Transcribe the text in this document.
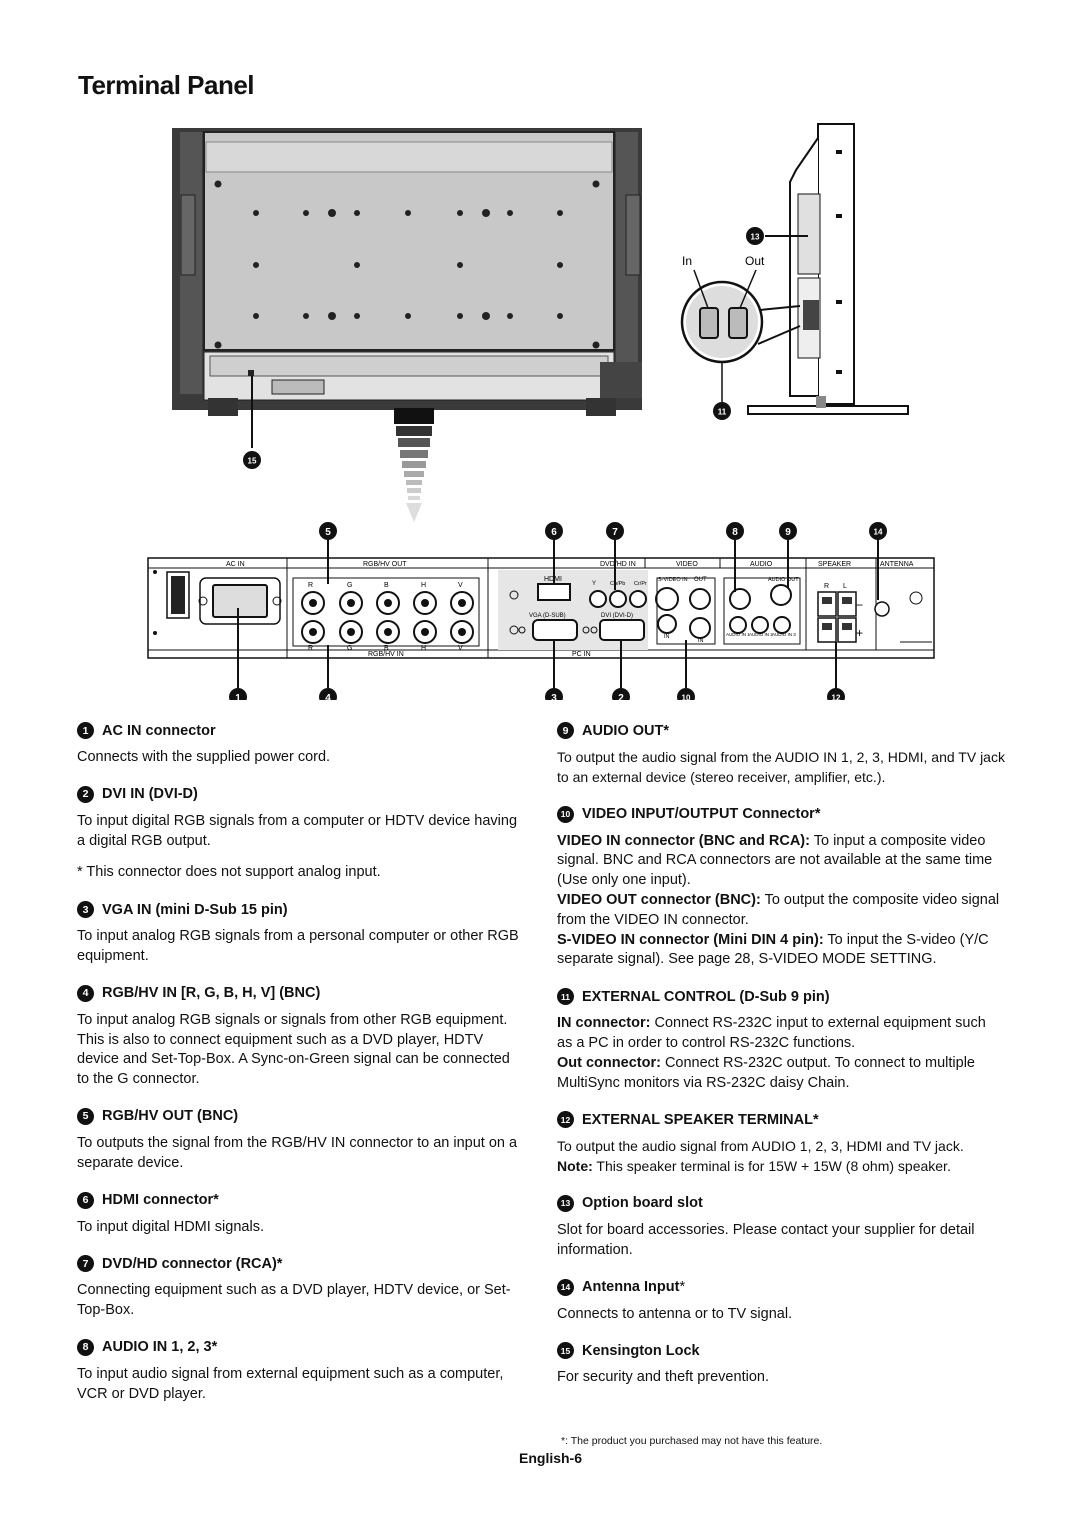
Terminal Panel
In	Out
AC IN	RGB/HV OUT	DVD/HD IN	VIDEO	AUDIO	SPEAKER	ANTENNA
RGB/HV IN	PC IN
HDMI
VGA (D-SUB)	DVI (DVI-D)
S-VIDEO IN OUT
IN
IN
AUDIO OUT
R	G	B	H	V
R	G	B	H	V
Y	Cb/Pb Cr/Pr
AUDIO IN 1 AUDIO IN 2 AUDIO IN 3
R L
−
+
1	2
3
4
5	6	7	8	9
10
11
12
13
14
15
1 AC IN connector

Connects with the supplied power cord.

2 DVI IN (DVI-D)

To input digital RGB signals from a computer or HDTV device having a digital RGB output.

* This connector does not support analog input.

3 VGA IN (mini D-Sub 15 pin)

To input analog RGB signals from a personal computer or other RGB equipment.

4 RGB/HV IN [R, G, B, H, V] (BNC)

To input analog RGB signals or signals from other RGB equipment.

This is also to connect equipment such as a DVD player, HDTV device and Set-Top-Box. A Sync-on-Green signal can be connected to the G connector.

5 RGB/HV OUT (BNC)

To outputs the signal from the RGB/HV IN connector to an input on a separate device.

6 HDMI connector*

To input digital HDMI signals.

7 DVD/HD connector (RCA)*

Connecting equipment such as a DVD player, HDTV device, or Set-Top-Box.

8 AUDIO IN 1, 2, 3*

To input audio signal from external equipment such as a computer, VCR or DVD player.

9 AUDIO OUT*

To output the audio signal from the AUDIO IN 1, 2, 3, HDMI, and TV jack to an external device (stereo receiver, amplifier, etc.).

10 VIDEO INPUT/OUTPUT Connector*

VIDEO IN connector (BNC and RCA): To input a composite video signal. BNC and RCA connectors are not available at the same time (Use only one input).

VIDEO OUT connector (BNC): To output the composite video signal from the VIDEO IN connector.

S-VIDEO IN connector (Mini DIN 4 pin): To input the S-video (Y/C separate signal). See page 28, S-VIDEO MODE SETTING.

11 EXTERNAL CONTROL (D-Sub 9 pin)

IN connector: Connect RS-232C input to external equipment such as a PC in order to control RS-232C functions.

Out connector: Connect RS-232C output. To connect to multiple MultiSync monitors via RS-232C daisy Chain.

12 EXTERNAL SPEAKER TERMINAL*

To output the audio signal from AUDIO 1, 2, 3, HDMI and TV jack.

Note: This speaker terminal is for 15W + 15W (8 ohm) speaker.

13 Option board slot

Slot for board accessories. Please contact your supplier for detail information.

14 Antenna Input *

Connects to antenna or to TV signal.

15 Kensington Lock

For security and theft prevention.

*: The product you purchased may not have this feature.
English-6
